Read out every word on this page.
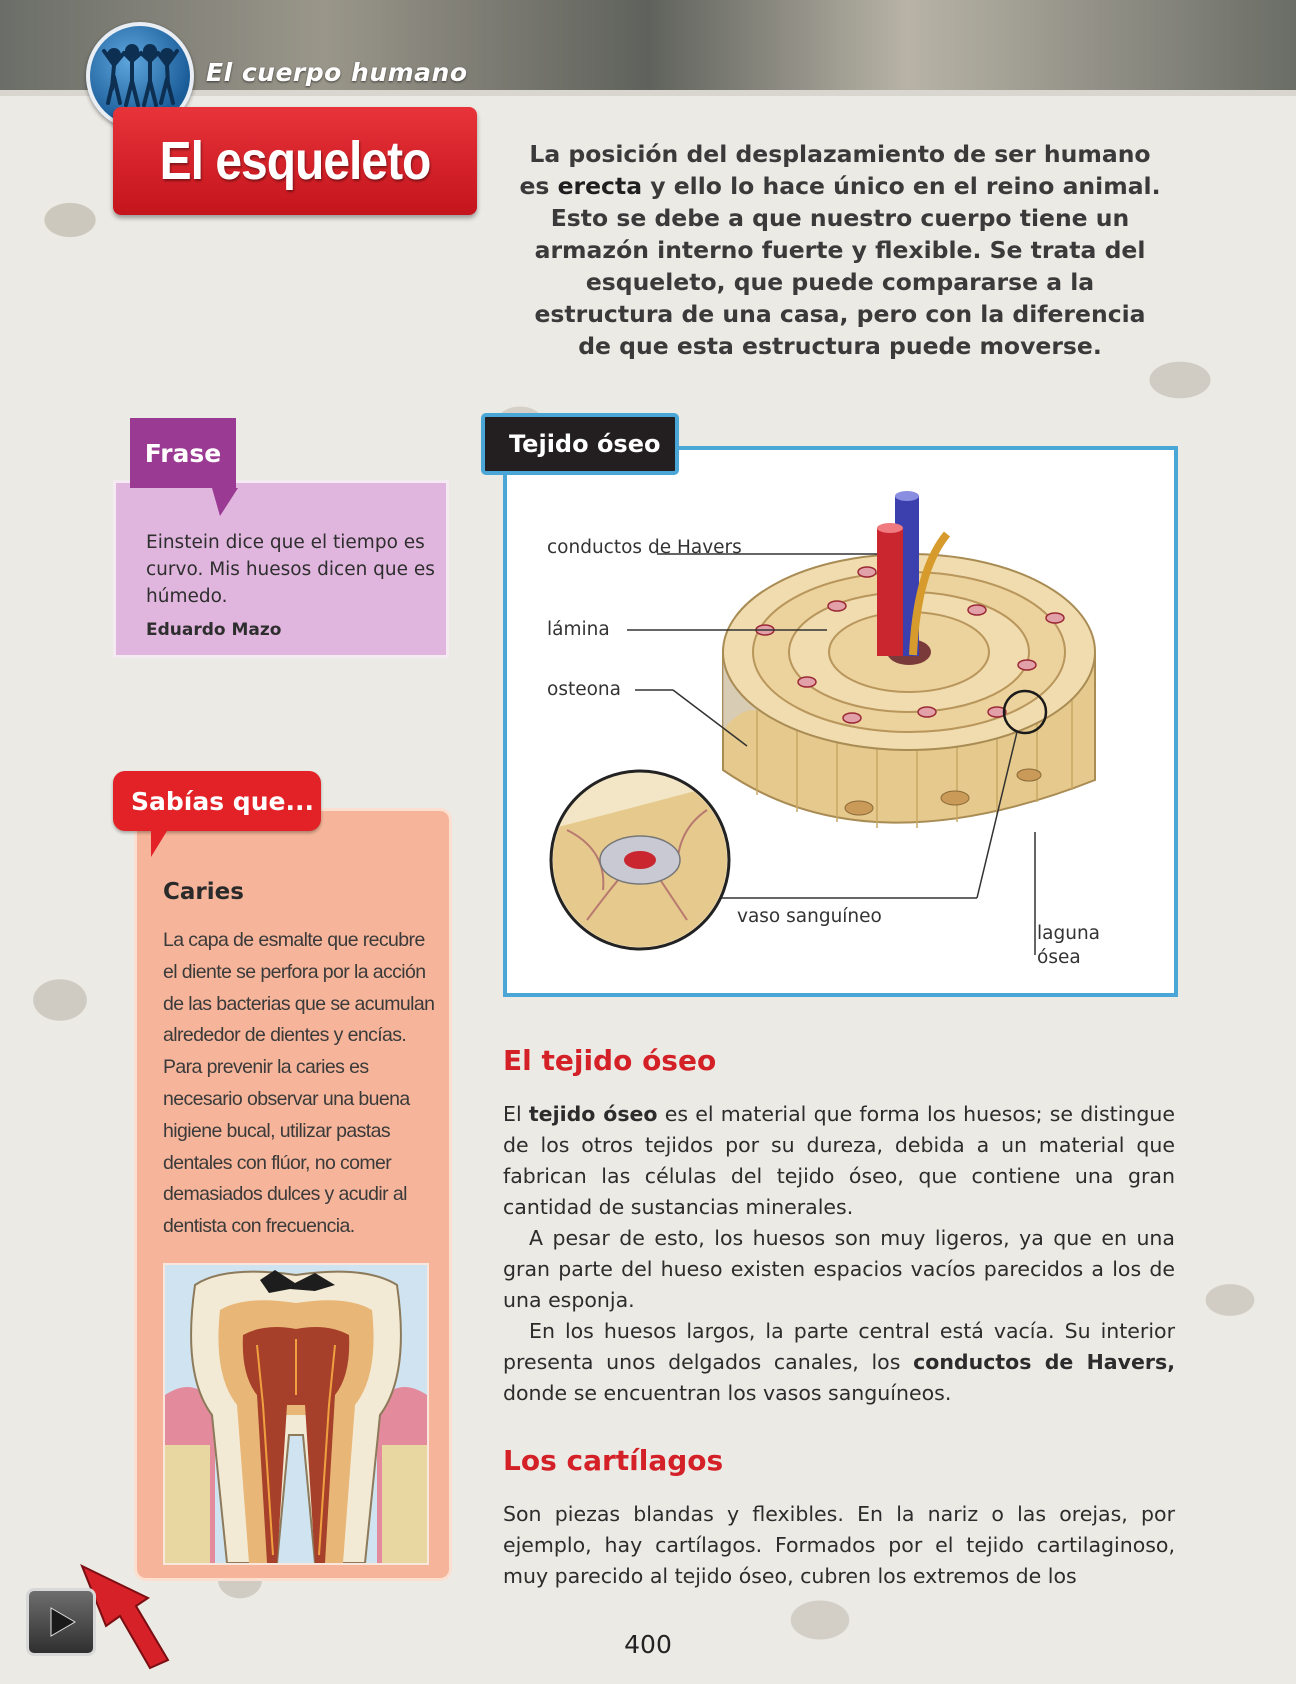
El cuerpo humano
El esqueleto	La posición del desplazamiento de ser humano es erecta y ello lo hace único en el reino animal. Esto se debe a que nuestro cuerpo tiene un armazón interno fuerte y flexible. Se trata del esqueleto, que puede compararse a la estructura de una casa, pero con la diferencia de que esta estructura puede moverse.

Frase

Einstein dice que el tiempo es curvo. Mis huesos dicen que es húmedo.

Eduardo Mazo
Sabías que...
Caries

La capa de esmalte que recubre el diente se perfora por la acción de las bacterias que se acumulan alrededor de dientes y encías. Para prevenir la caries es necesario observar una buena higiene bucal, utilizar pastas dentales con flúor, no comer demasiados dulces y acudir al dentista con frecuencia.

Tejido óseo
conductos de Havers
lámina
osteona
vaso sanguíneo
laguna ósea
El tejido óseo

El tejido óseo es el material que forma los huesos; se distingue de los otros tejidos por su dureza, debida a un material que fabrican las células del tejido óseo, que contiene una gran cantidad de sustancias minerales.

A pesar de esto, los huesos son muy ligeros, ya que en una gran parte del hueso existen espacios vacíos parecidos a los de una esponja.

En los huesos largos, la parte central está vacía. Su interior presenta unos delgados canales, los conductos de Havers, donde se encuentran los vasos sanguíneos.

Los cartílagos

Son piezas blandas y flexibles. En la nariz o las orejas, por ejemplo, hay cartílagos. Formados por el tejido cartilaginoso, muy parecido al tejido óseo, cubren los extremos de los

400
